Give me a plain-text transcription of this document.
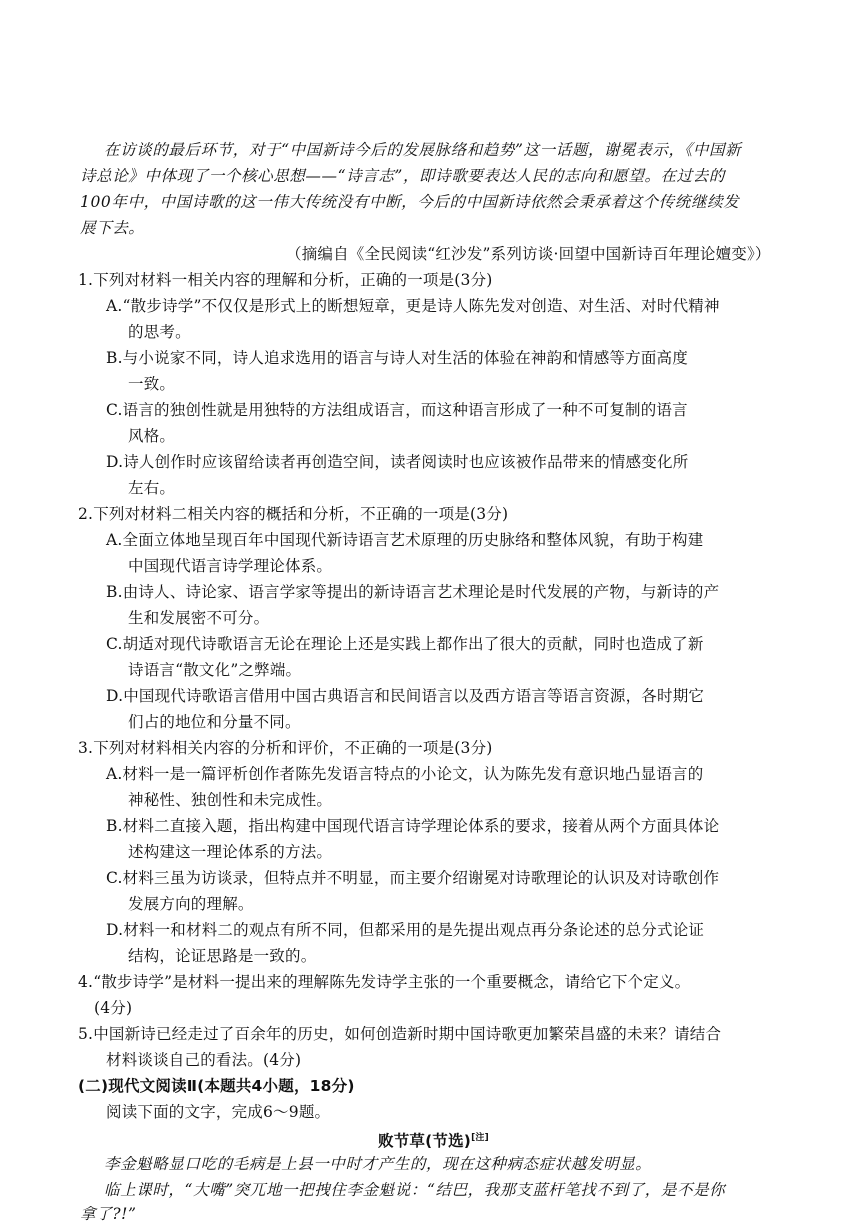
在访谈的最后环节，对于“中国新诗今后的发展脉络和趋势”这一话题，谢冕表示，《中国新
诗总论》中体现了一个核心思想——“诗言志”，即诗歌要表达人民的志向和愿望。在过去的
100年中，中国诗歌的这一伟大传统没有中断，今后的中国新诗依然会秉承着这个传统继续发
展下去。
（摘编自《全民阅读“红沙发”系列访谈·回望中国新诗百年理论嬗变》）
1.下列对材料一相关内容的理解和分析，正确的一项是(3分)
A.“散步诗学”不仅仅是形式上的断想短章，更是诗人陈先发对创造、对生活、对时代精神
的思考。
B.与小说家不同，诗人追求选用的语言与诗人对生活的体验在神韵和情感等方面高度
一致。
C.语言的独创性就是用独特的方法组成语言，而这种语言形成了一种不可复制的语言
风格。
D.诗人创作时应该留给读者再创造空间，读者阅读时也应该被作品带来的情感变化所
左右。
2.下列对材料二相关内容的概括和分析，不正确的一项是(3分)
A.全面立体地呈现百年中国现代新诗语言艺术原理的历史脉络和整体风貌，有助于构建
中国现代语言诗学理论体系。
B.由诗人、诗论家、语言学家等提出的新诗语言艺术理论是时代发展的产物，与新诗的产
生和发展密不可分。
C.胡适对现代诗歌语言无论在理论上还是实践上都作出了很大的贡献，同时也造成了新
诗语言“散文化”之弊端。
D.中国现代诗歌语言借用中国古典语言和民间语言以及西方语言等语言资源，各时期它
们占的地位和分量不同。
3.下列对材料相关内容的分析和评价，不正确的一项是(3分)
A.材料一是一篇评析创作者陈先发语言特点的小论文，认为陈先发有意识地凸显语言的
神秘性、独创性和未完成性。
B.材料二直接入题，指出构建中国现代语言诗学理论体系的要求，接着从两个方面具体论
述构建这一理论体系的方法。
C.材料三虽为访谈录，但特点并不明显，而主要介绍谢冕对诗歌理论的认识及对诗歌创作
发展方向的理解。
D.材料一和材料二的观点有所不同，但都采用的是先提出观点再分条论述的总分式论证
结构，论证思路是一致的。
4.“散步诗学”是材料一提出来的理解陈先发诗学主张的一个重要概念，请给它下个定义。
(4分)
5.中国新诗已经走过了百余年的历史，如何创造新时期中国诗歌更加繁荣昌盛的未来？请结合
材料谈谈自己的看法。(4分)
(二)现代文阅读Ⅱ(本题共4小题，18分)
阅读下面的文字，完成6～9题。
败节草(节选)[注]
李金魁略显口吃的毛病是上县一中时才产生的，现在这种病态症状越发明显。
临上课时，“大嘴”突兀地一把拽住李金魁说：“结巴，我那支蓝杆笔找不到了，是不是你
拿了?!”
